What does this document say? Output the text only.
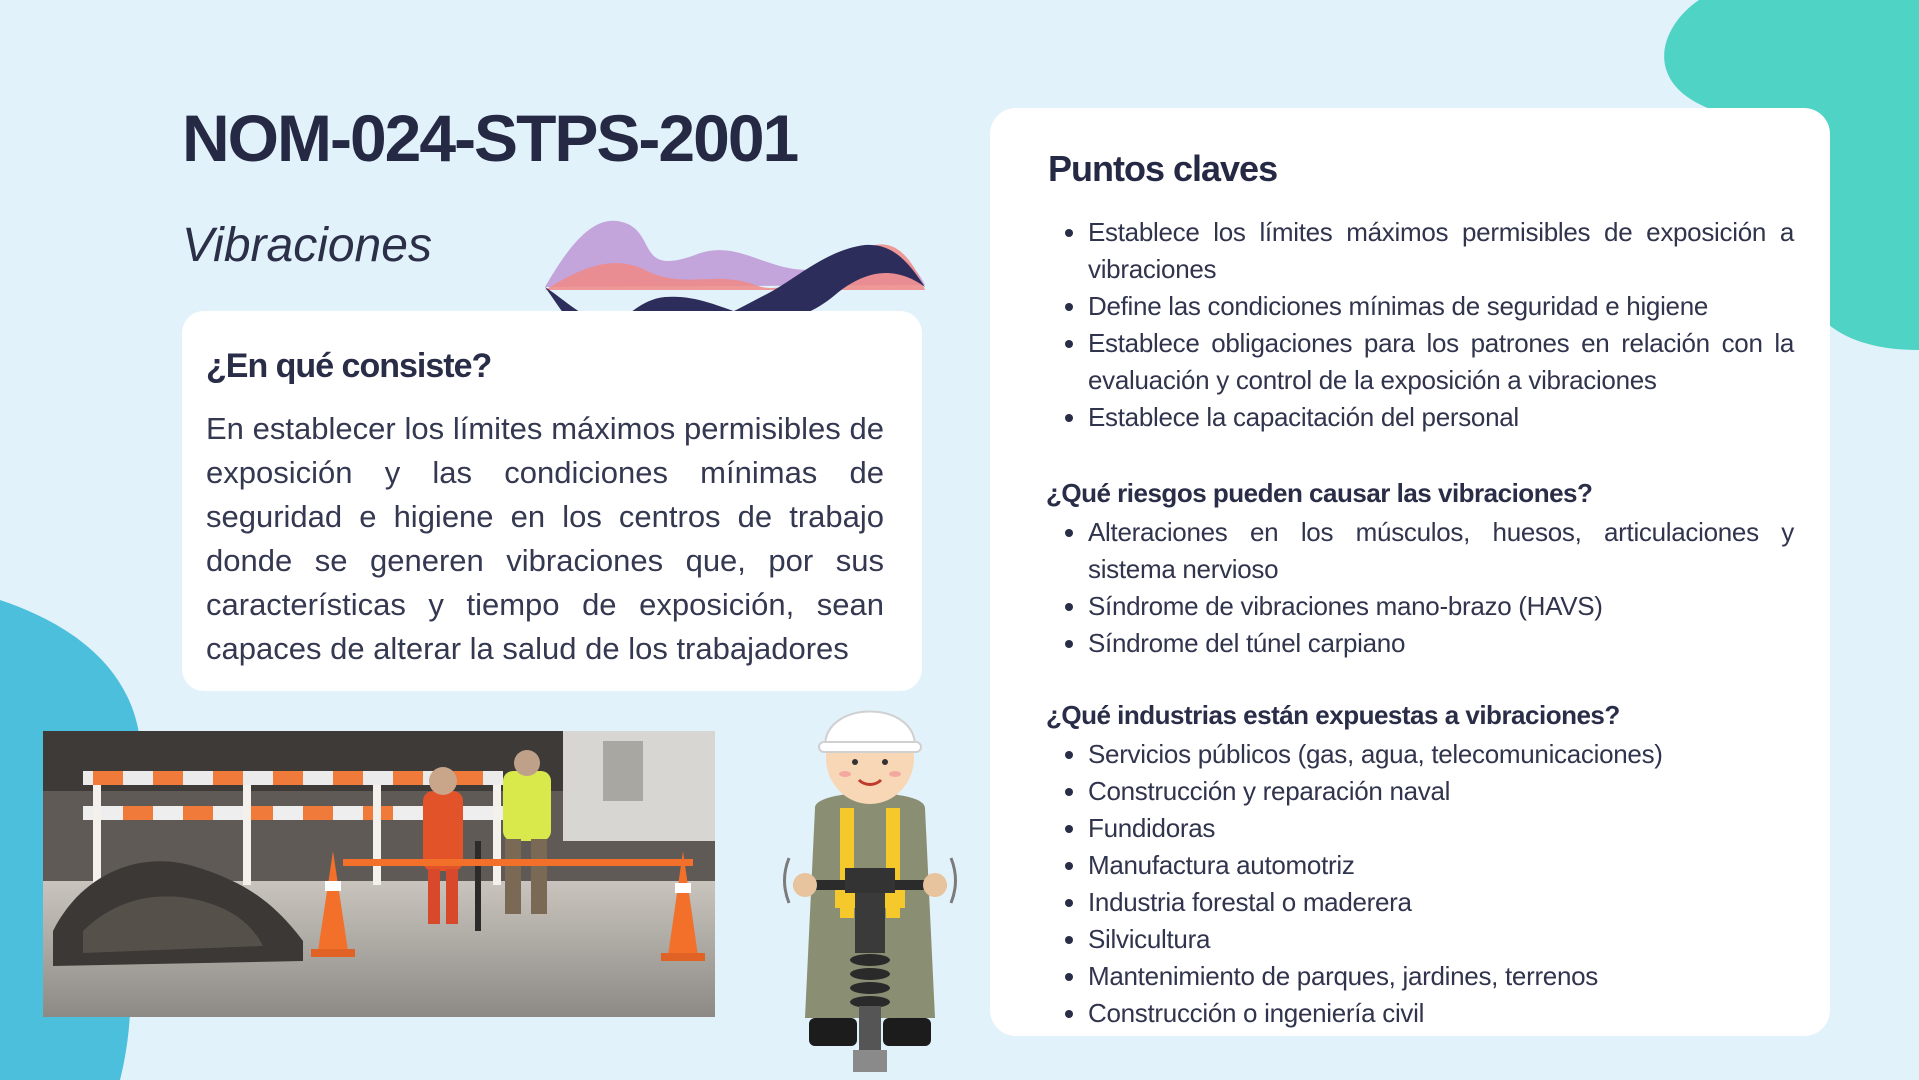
NOM-024-STPS-2001
Vibraciones
¿En qué consiste?

En establecer los límites máximos permisibles de exposición y las condiciones mínimas de seguridad e higiene en los centros de trabajo donde se generen vibraciones que, por sus características y tiempo de exposición, sean capaces de alterar la salud de los trabajadores

Puntos claves
• Establece los límites máximos permisibles de exposición a vibraciones
• Define las condiciones mínimas de seguridad e higiene
• Establece obligaciones para los patrones en relación con la evaluación y control de la exposición a vibraciones
• Establece la capacitación del personal
¿Qué riesgos pueden causar las vibraciones?
• Alteraciones en los músculos, huesos, articulaciones y sistema nervioso
• Síndrome de vibraciones mano-brazo (HAVS)
• Síndrome del túnel carpiano
¿Qué industrias están expuestas a vibraciones?
• Servicios públicos (gas, agua, telecomunicaciones)
• Construcción y reparación naval
• Fundidoras
• Manufactura automotriz
• Industria forestal o maderera
• Silvicultura
• Mantenimiento de parques, jardines, terrenos
• Construcción o ingeniería civil
